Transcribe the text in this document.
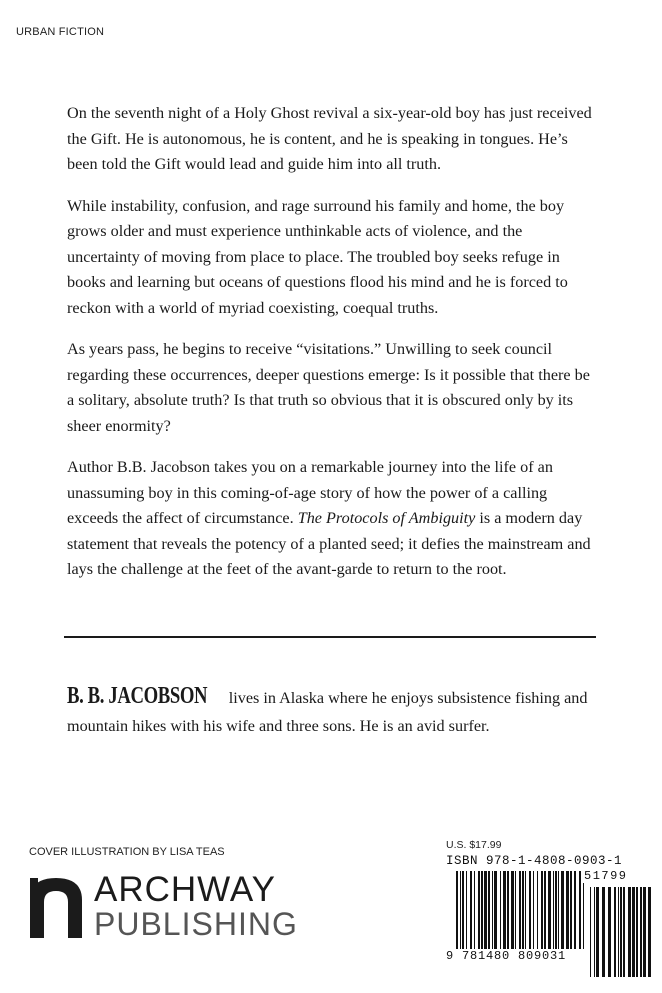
URBAN FICTION

On the seventh night of a Holy Ghost revival a six-year-old boy has just received the Gift. He is autonomous, he is content, and he is speaking in tongues. He’s been told the Gift would lead and guide him into all truth.

While instability, confusion, and rage surround his family and home, the boy grows older and must experience unthinkable acts of violence, and the uncertainty of moving from place to place. The troubled boy seeks refuge in books and learning but oceans of questions flood his mind and he is forced to reckon with a world of myriad coexisting, coequal truths.

As years pass, he begins to receive “visitations.” Unwilling to seek council regarding these occurrences, deeper questions emerge: Is it possible that there be a solitary, absolute truth? Is that truth so obvious that it is obscured only by its sheer enormity?

Author B.B. Jacobson takes you on a remarkable journey into the life of an unassuming boy in this coming-of-age story of how the power of a calling exceeds the affect of circumstance. The Protocols of Ambiguity is a modern day statement that reveals the potency of a planted seed; it defies the mainstream and lays the challenge at the feet of the avant-garde to return to the root.

B. B. JACOBSON lives in Alaska where he enjoys subsistence fishing and mountain hikes with his wife and three sons. He is an avid surfer.
COVER ILLUSTRATION BY LISA TEAS
ARCHWAY
PUBLISHING
U.S. $17.99
ISBN 978-1-4808-0903-1
9 781480 809031
51799
